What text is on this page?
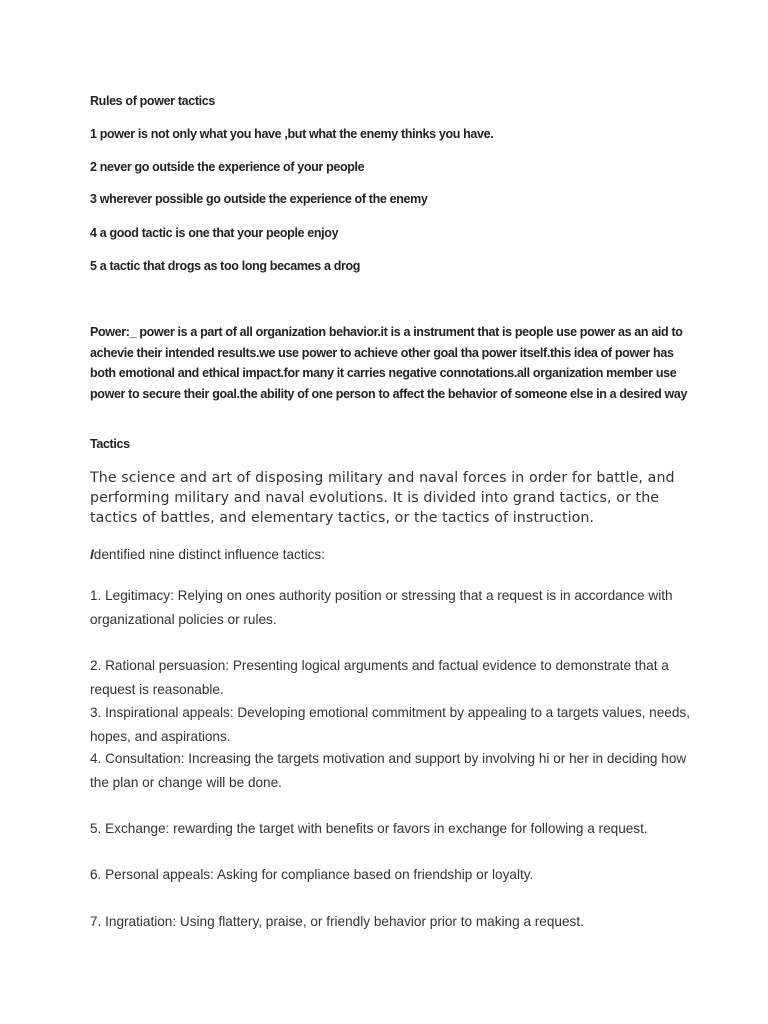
Rules of power tactics

1 power is not only what you have ,but what the enemy thinks you have.

2 never go outside the experience of your people

3 wherever possible go outside the experience of the enemy

4 a good tactic is one that your people enjoy

5 a tactic that drogs as too long becames a drog

Power:_ power is a part of all organization behavior.it is a instrument that is people use power as an aid to achevie their intended results.we use power to achieve other goal tha power itself.this idea of power has both emotional and ethical impact.for many it carries negative connotations.all organization member use power to secure their goal.the ability of one person to affect the behavior of someone else in a desired way

Tactics

The science and art of disposing military and naval forces in order for battle, and performing military and naval evolutions. It is divided into grand tactics, or the tactics of battles, and elementary tactics, or the tactics of instruction.

Identified nine distinct influence tactics:

1. Legitimacy: Relying on ones authority position or stressing that a request is in accordance with organizational policies or rules.

2. Rational persuasion: Presenting logical arguments and factual evidence to demonstrate that a request is reasonable.

3. Inspirational appeals: Developing emotional commitment by appealing to a targets values, needs, hopes, and aspirations.

4. Consultation: Increasing the targets motivation and support by involving hi or her in deciding how the plan or change will be done.

5. Exchange: rewarding the target with benefits or favors in exchange for following a request.

6. Personal appeals: Asking for compliance based on friendship or loyalty.

7. Ingratiation: Using flattery, praise, or friendly behavior prior to making a request.
